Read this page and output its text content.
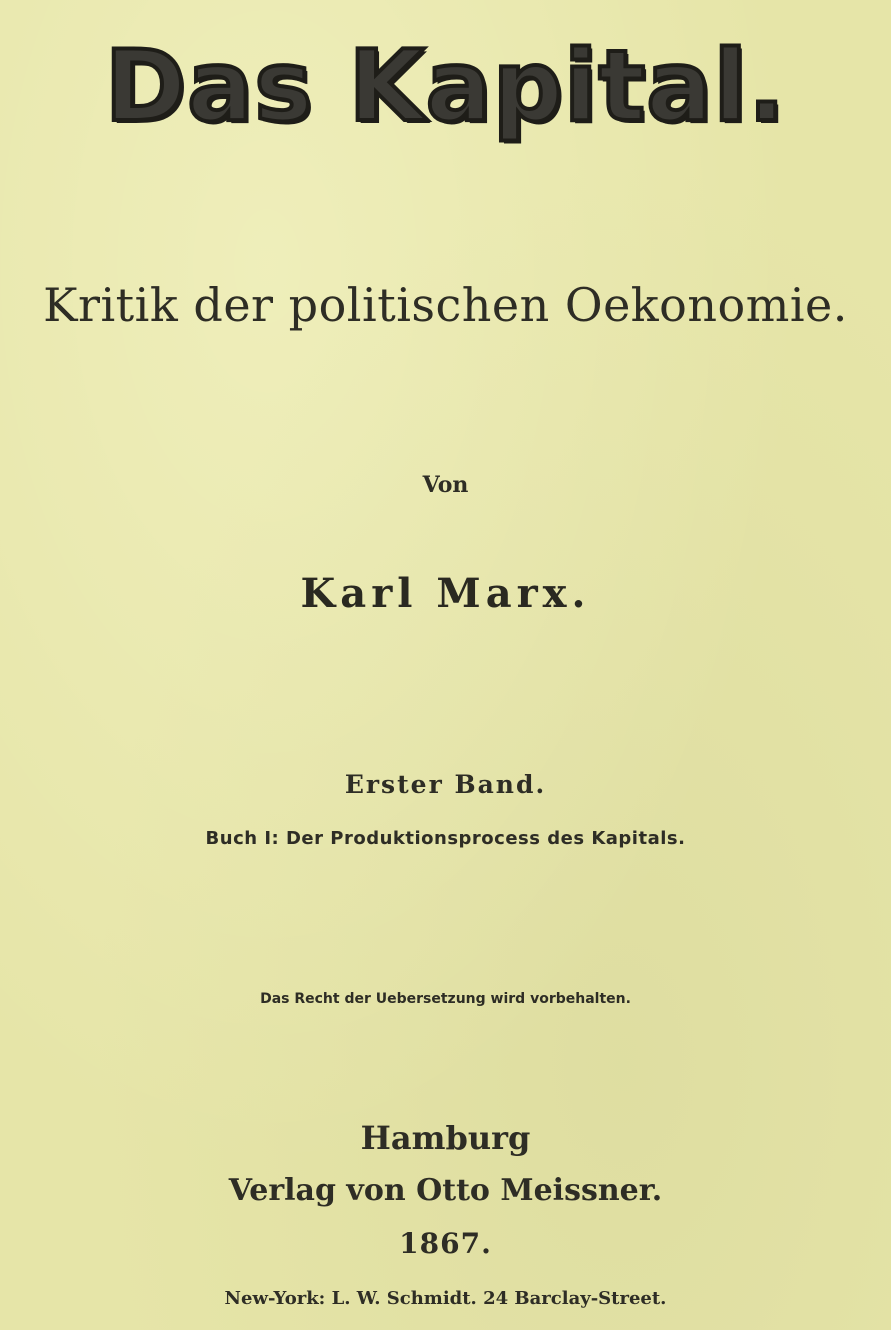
Das Kapital.
Kritik der politischen Oekonomie.
Von
Karl Marx.
Erster Band.
Buch I: Der Produktionsprocess des Kapitals.
Das Recht der Uebersetzung wird vorbehalten.
Hamburg
Verlag von Otto Meissner.
1867.
New-York: L. W. Schmidt. 24 Barclay-Street.
